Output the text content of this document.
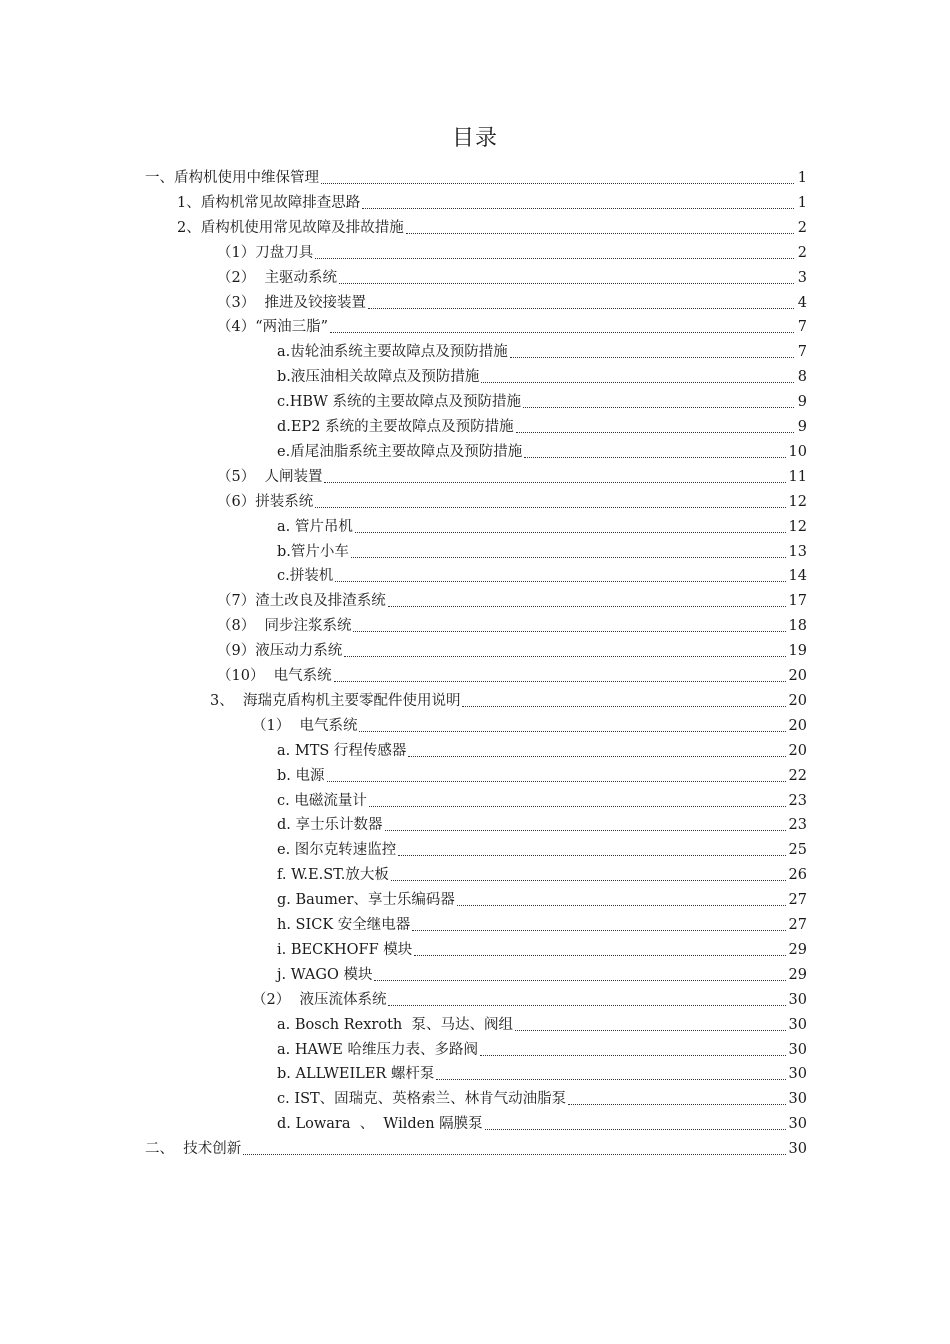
目录
一、盾构机使用中维保管理	1
1、盾构机常见故障排查思路	1
2、盾构机使用常见故障及排故措施	2
（1）刀盘刀具	2
（2）  主驱动系统	3
（3）  推进及铰接装置	4
（4）“两油三脂”	7
a.齿轮油系统主要故障点及预防措施	7
b.液压油相关故障点及预防措施	8
c.HBW 系统的主要故障点及预防措施	9
d.EP2 系统的主要故障点及预防措施	9
e.盾尾油脂系统主要故障点及预防措施	10
（5）  人闸装置	11
（6）拼装系统	12
a. 管片吊机	12
b.管片小车	13
c.拼装机	14
（7）渣土改良及排渣系统	17
（8）  同步注浆系统	18
（9）液压动力系统	19
（10）  电气系统	20
3、  海瑞克盾构机主要零配件使用说明	20
（1）  电气系统	20
a. MTS 行程传感器	20
b. 电源	22
c. 电磁流量计	23
d. 享士乐计数器	23
e. 图尔克转速监控	25
f. W.E.ST.放大板	26
g. Baumer、享士乐编码器	27
h. SICK 安全继电器	27
i. BECKHOFF 模块	29
j. WAGO 模块	29
（2）  液压流体系统	30
a. Bosch Rexroth  泵、马达、阀组	30
a. HAWE 哈维压力表、多路阀	30
b. ALLWEILER 螺杆泵	30
c. IST、固瑞克、英格索兰、林肯气动油脂泵	30
d. Lowara  、  Wilden 隔膜泵	30
二、  技术创新	30
